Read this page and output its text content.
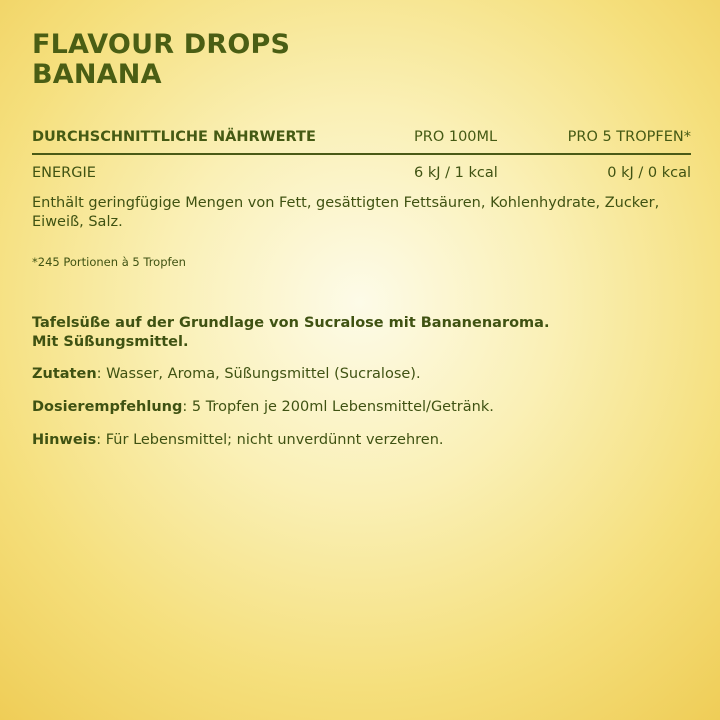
FLAVOUR DROPS
BANANA
DURCHSCHNITTLICHE NÄHRWERTE	PRO 100ML	PRO 5 TROPFEN*
ENERGIE	6 kJ / 1 kcal	0 kJ / 0 kcal

Enthält geringfügige Mengen von Fett, gesättigten Fettsäuren, Kohlenhydrate, Zucker, Eiweiß, Salz.

*245 Portionen à 5 Tropfen

Tafelsüße auf der Grundlage von Sucralose mit Bananenaroma.
Mit Süßungsmittel.

Zutaten: Wasser, Aroma, Süßungsmittel (Sucralose).

Dosierempfehlung: 5 Tropfen je 200ml Lebensmittel/Getränk.

Hinweis: Für Lebensmittel; nicht unverdünnt verzehren.
